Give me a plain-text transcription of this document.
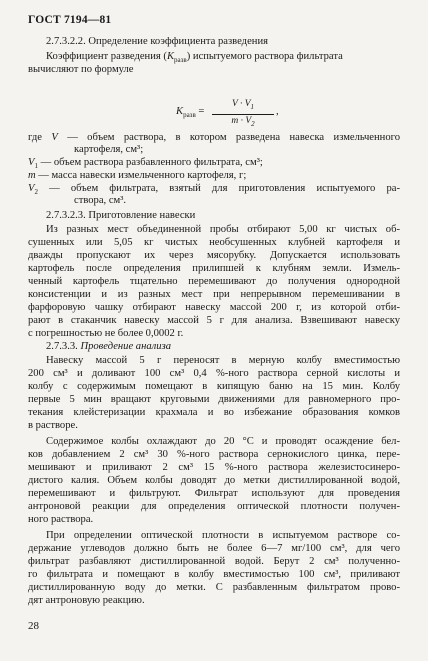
ГОСТ 7194—81
2.7.3.2.2. Определение коэффициента разведения
Коэффициент разведения $(K_{разв})$ испытуемого раствора фильтрата
вычисляют по формуле
$K_{разв}$ =
$V \cdot V_1$
$m \cdot V_2$
,
где V — объем раствора, в котором разведена навеска измельченного
картофеля, см³;
$V_1$ — объем раствора разбавленного фильтрата, см³;
m — масса навески измельченного картофеля, г;
$V_2$ — объем фильтрата, взятый для приготовления испытуемого ра-
створа, см³.
2.7.3.2.3. Приготовление навески
Из разных мест объединенной пробы отбирают 5,00 кг чистых об-
сушенных или 5,05 кг чистых необсушенных клубней картофеля и
дважды пропускают их через мясорубку. Допускается использовать
картофель после определения прилипшей к клубням земли. Измель-
ченный картофель тщательно перемешивают до получения однородной
консистенции и из разных мест при непрерывном перемешивании в
фарфоровую чашку отбирают навеску массой 200 г, из которой отби-
рают в стаканчик навеску массой 5 г для анализа. Взвешивают навеску
с погрешностью не более 0,0002 г.
2.7.3.3. Проведение анализа
Навеску массой 5 г переносят в мерную колбу вместимостью
200 см³ и доливают 100 см³ 0,4 %-ного раствора серной кислоты и
колбу с содержимым помещают в кипящую баню на 15 мин. Колбу
первые 5 мин вращают круговыми движениями для равномерного про-
текания клейстеризации крахмала и во избежание образования комков
в растворе.
Содержимое колбы охлаждают до 20 °С и проводят осаждение бел-
ков добавлением 2 см³ 30 %-ного раствора сернокислого цинка, пере-
мешивают и приливают 2 см³ 15 %-ного раствора железистосинеро-
дистого калия. Объем колбы доводят до метки дистиллированной водой,
перемешивают и фильтруют. Фильтрат используют для проведения
антроновой реакции для определения оптической плотности получен-
ного раствора.
При определении оптической плотности в испытуемом растворе со-
держание углеводов должно быть не более 6—7 мг/100 см³, для чего
фильтрат разбавляют дистиллированной водой. Берут 2 см³ полученно-
го фильтрата и помещают в колбу вместимостью 100 см³, приливают
дистиллированную воду до метки. С разбавленным фильтратом прово-
дят антроновую реакцию.
28
